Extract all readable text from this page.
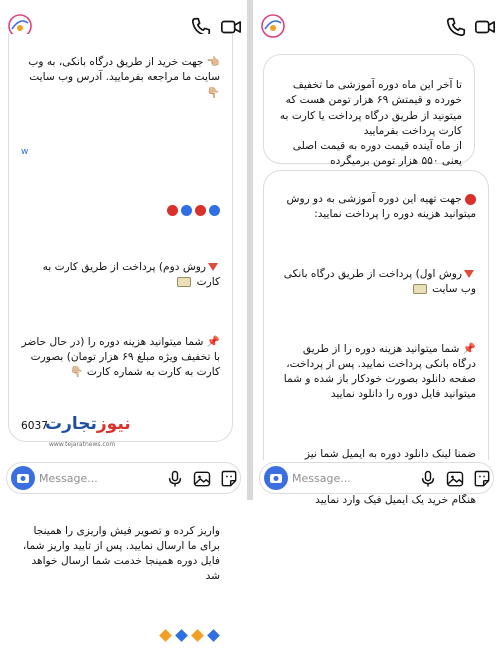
👈🏼 جهت خرید از طریق درگاه بانکی، به وب سایت ما مراجعه بفرمایید. آدرس وب سایت 👇🏼

w

روش دوم) پرداخت از طریق کارت به کارت

📌 شما میتوانید هزینه دوره را (در حال حاضر با تخفیف ویژه مبلغ ۶۹ هزار تومان) بصورت کارت به کارت به شماره کارت 👇🏼

6037	نیوزتجارت

www.tejaratnews.com

واریز کرده و تصویر فیش واریزی را همینجا برای ما ارسال نمایید. پس از تایید واریز شما، فایل دوره همینجا خدمت شما ارسال خواهد شد

Message...

تا آخر این ماه دوره آموزشی ما تخفیف خورده و قیمتش ۶۹ هزار تومن هست که میتونید از طریق درگاه پرداخت یا کارت به کارت پرداخت بفرمایید
از ماه آینده قیمت دوره به قیمت اصلی یعنی ۵۵۰ هزار تومن برمیگرده

جهت تهیه این دوره آموزشی به دو روش میتوانید هزینه دوره را پرداخت نمایید:

روش اول) پرداخت از طریق درگاه بانکی وب سایت

📌 شما میتوانید هزینه دوره را از طریق درگاه بانکی پرداخت نمایید. پس از پرداخت، صفحه دانلود بصورت خودکار باز شده و شما میتوانید فایل دوره را دانلود نمایید

ضمنا لینک دانلود دوره به ایمیل شما نیز هنگام خرید یک ایمیل فیک وارد نمایید

Message...
